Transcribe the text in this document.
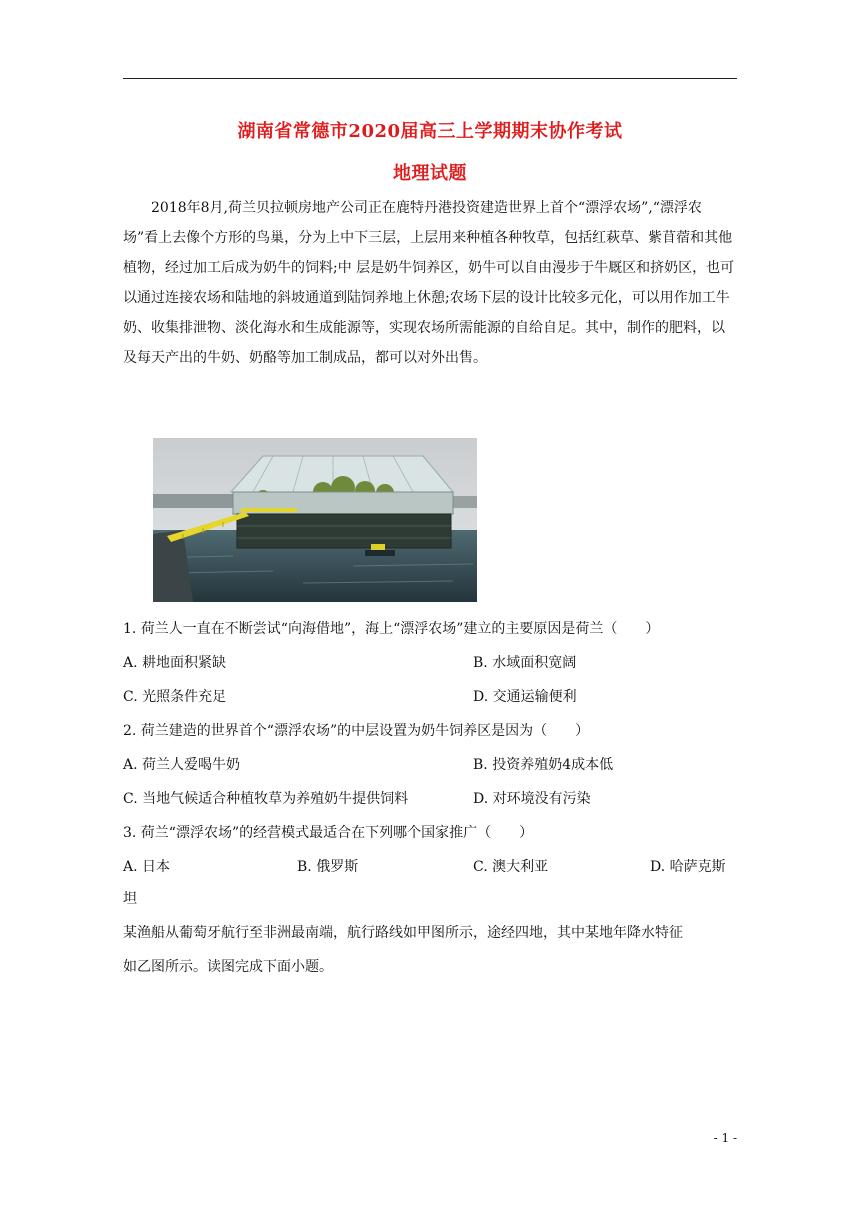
湖南省常德市2020届高三上学期期末协作考试
地理试题

2018年8月,荷兰贝拉顿房地产公司正在鹿特丹港投资建造世界上首个“漂浮农场”,“漂浮农场”看上去像个方形的鸟巢，分为上中下三层，上层用来种植各种牧草，包括红萩草、紫苜蓿和其他植物，经过加工后成为奶牛的饲料;中 层是奶牛饲养区，奶牛可以自由漫步于牛厩区和挤奶区，也可以通过连接农场和陆地的斜坡通道到陆饲养地上休憩;农场下层的设计比较多元化，可以用作加工牛奶、收集排泄物、淡化海水和生成能源等，实现农场所需能源的自给自足。其中，制作的肥料，以及每天产出的牛奶、奶酪等加工制成品，都可以对外出售。

1. 荷兰人一直在不断尝试“向海借地”，海上“漂浮农场”建立的主要原因是荷兰（　　）
A. 耕地面积紧缺	B. 水域面积宽阔
C. 光照条件充足	D. 交通运输便利
2. 荷兰建造的世界首个“漂浮农场”的中层设置为奶牛饲养区是因为（　　）
A. 荷兰人爱喝牛奶	B. 投资养殖奶4成本低
C. 当地气候适合种植牧草为养殖奶牛提供饲料	D. 对环境没有污染
3. 荷兰“漂浮农场”的经营模式最适合在下列哪个国家推广（　　）
A. 日本	B. 俄罗斯	C. 澳大利亚	D. 哈萨克斯
坦
某渔船从葡萄牙航行至非洲最南端，航行路线如甲图所示，途经四地，其中某地年降水特征
如乙图所示。读图完成下面小题。
- 1 -
